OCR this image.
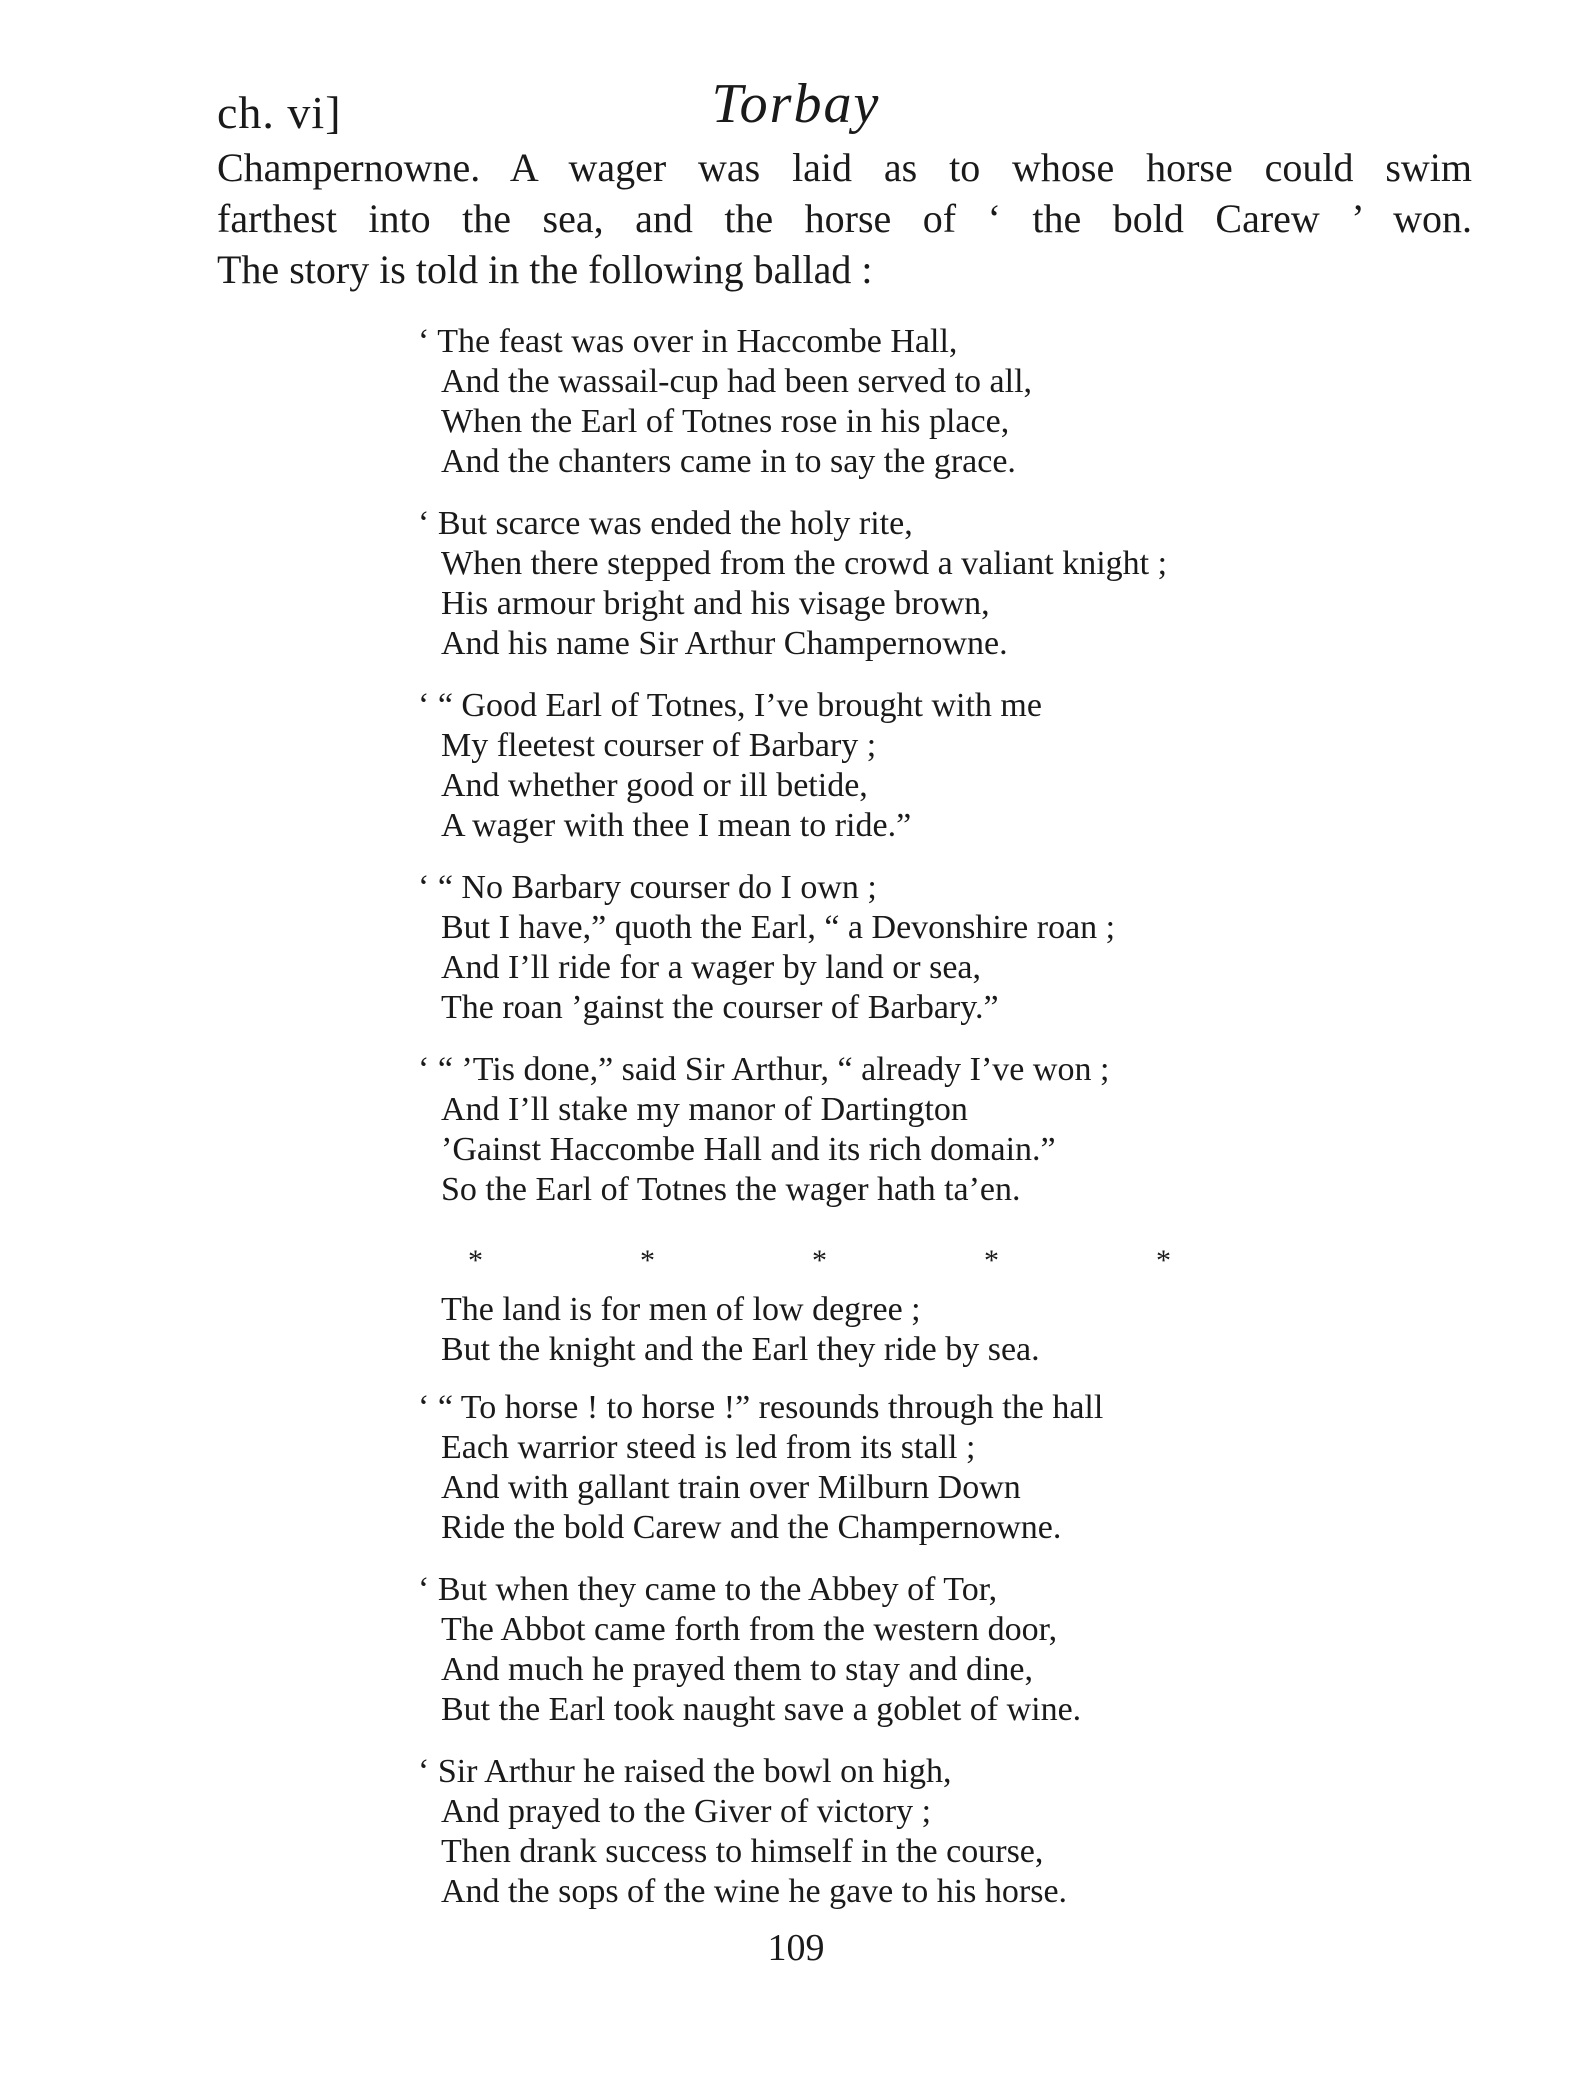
ch. vi]	Torbay
Champernowne. A wager was laid as to whose horse could swim
farthest into the sea, and the horse of ‘ the bold Carew ’ won.
The story is told in the following ballad :
‘ The feast was over in Haccombe Hall,
And the wassail-cup had been served to all,
When the Earl of Totnes rose in his place,
And the chanters came in to say the grace.
‘ But scarce was ended the holy rite,
When there stepped from the crowd a valiant knight ;
His armour bright and his visage brown,
And his name Sir Arthur Champernowne.
‘ “ Good Earl of Totnes, I’ve brought with me
My fleetest courser of Barbary ;
And whether good or ill betide,
A wager with thee I mean to ride.”
‘ “ No Barbary courser do I own ;
But I have,” quoth the Earl, “ a Devonshire roan ;
And I’ll ride for a wager by land or sea,
The roan ’gainst the courser of Barbary.”
‘ “ ’Tis done,” said Sir Arthur, “ already I’ve won ;
And I’ll stake my manor of Dartington
’Gainst Haccombe Hall and its rich domain.”
So the Earl of Totnes the wager hath ta’en.
*	*	*	*	*
The land is for men of low degree ;
But the knight and the Earl they ride by sea.
‘ “ To horse ! to horse !” resounds through the hall
Each warrior steed is led from its stall ;
And with gallant train over Milburn Down
Ride the bold Carew and the Champernowne.
‘ But when they came to the Abbey of Tor,
The Abbot came forth from the western door,
And much he prayed them to stay and dine,
But the Earl took naught save a goblet of wine.
‘ Sir Arthur he raised the bowl on high,
And prayed to the Giver of victory ;
Then drank success to himself in the course,
And the sops of the wine he gave to his horse.
109
